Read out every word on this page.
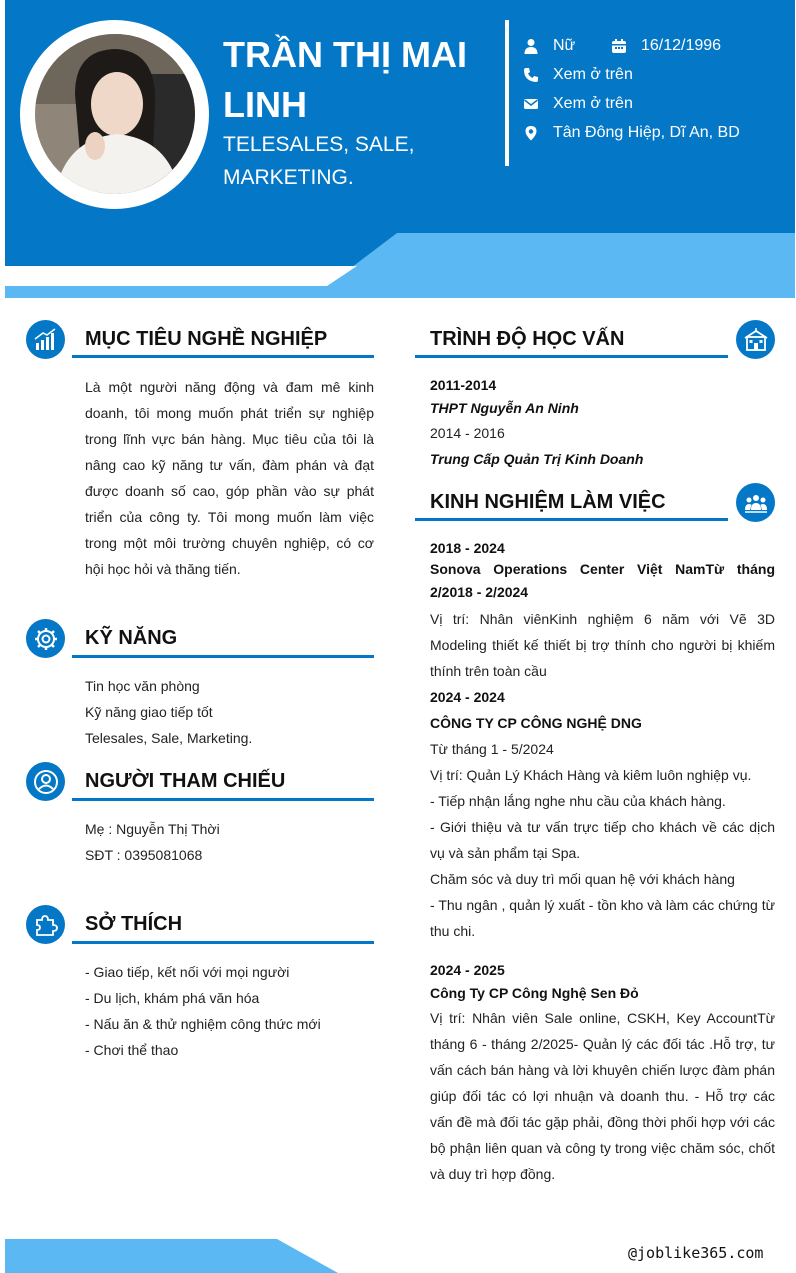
TRẦN THỊ MAI LINH
TELESALES, SALE, MARKETING.
Nữ	16/12/1996
Xem ở trên
Xem ở trên
Tân Đông Hiệp, Dĩ An, BD
MỤC TIÊU NGHỀ NGHIỆP
Là một người năng động và đam mê kinh doanh, tôi mong muốn phát triển sự nghiệp trong lĩnh vực bán hàng. Mục tiêu của tôi là nâng cao kỹ năng tư vấn, đàm phán và đạt được doanh số cao, góp phần vào sự phát triển của công ty. Tôi mong muốn làm việc trong một môi trường chuyên nghiệp, có cơ hội học hỏi và thăng tiến.
KỸ NĂNG
Tin học văn phòng
Kỹ năng giao tiếp tốt
Telesales, Sale, Marketing.
NGƯỜI THAM CHIẾU
Mẹ : Nguyễn Thị Thời
SĐT : 0395081068
SỞ THÍCH
- Giao tiếp, kết nối với mọi người
- Du lịch, khám phá văn hóa
- Nấu ăn & thử nghiệm công thức mới
- Chơi thể thao
TRÌNH ĐỘ HỌC VẤN
2011-2014
THPT Nguyễn An Ninh
2014 - 2016
Trung Cấp Quản Trị Kinh Doanh
KINH NGHIỆM LÀM VIỆC
2018 - 2024
Sonova Operations Center Việt NamTừ tháng 2/2018 - 2/2024
Vị trí: Nhân viênKinh nghiệm 6 năm với Vẽ 3D Modeling thiết kế thiết bị trợ thính cho người bị khiếm thính trên toàn cầu
2024 - 2024
CÔNG TY CP CÔNG NGHỆ DNG
Từ tháng 1 - 5/2024
Vị trí: Quản Lý Khách Hàng và kiêm luôn nghiệp vụ.
- Tiếp nhận lắng nghe nhu cầu của khách hàng.
- Giới thiệu và tư vấn trực tiếp cho khách về các dịch vụ và sản phẩm tại Spa.
Chăm sóc và duy trì mối quan hệ với khách hàng
- Thu ngân , quản lý xuất - tồn kho và làm các chứng từ thu chi.
2024 - 2025
Công Ty CP Công Nghệ Sen Đỏ
Vị trí: Nhân viên Sale online, CSKH, Key AccountTừ tháng 6 - tháng 2/2025- Quản lý các đối tác .Hỗ trợ, tư vấn cách bán hàng và lời khuyên chiến lược đàm phán giúp đối tác có lợi nhuận và doanh thu. - Hỗ trợ các vấn đề mà đối tác gặp phải, đồng thời phối hợp với các bộ phận liên quan và công ty trong việc chăm sóc, chốt và duy trì hợp đồng.
@joblike365.com
